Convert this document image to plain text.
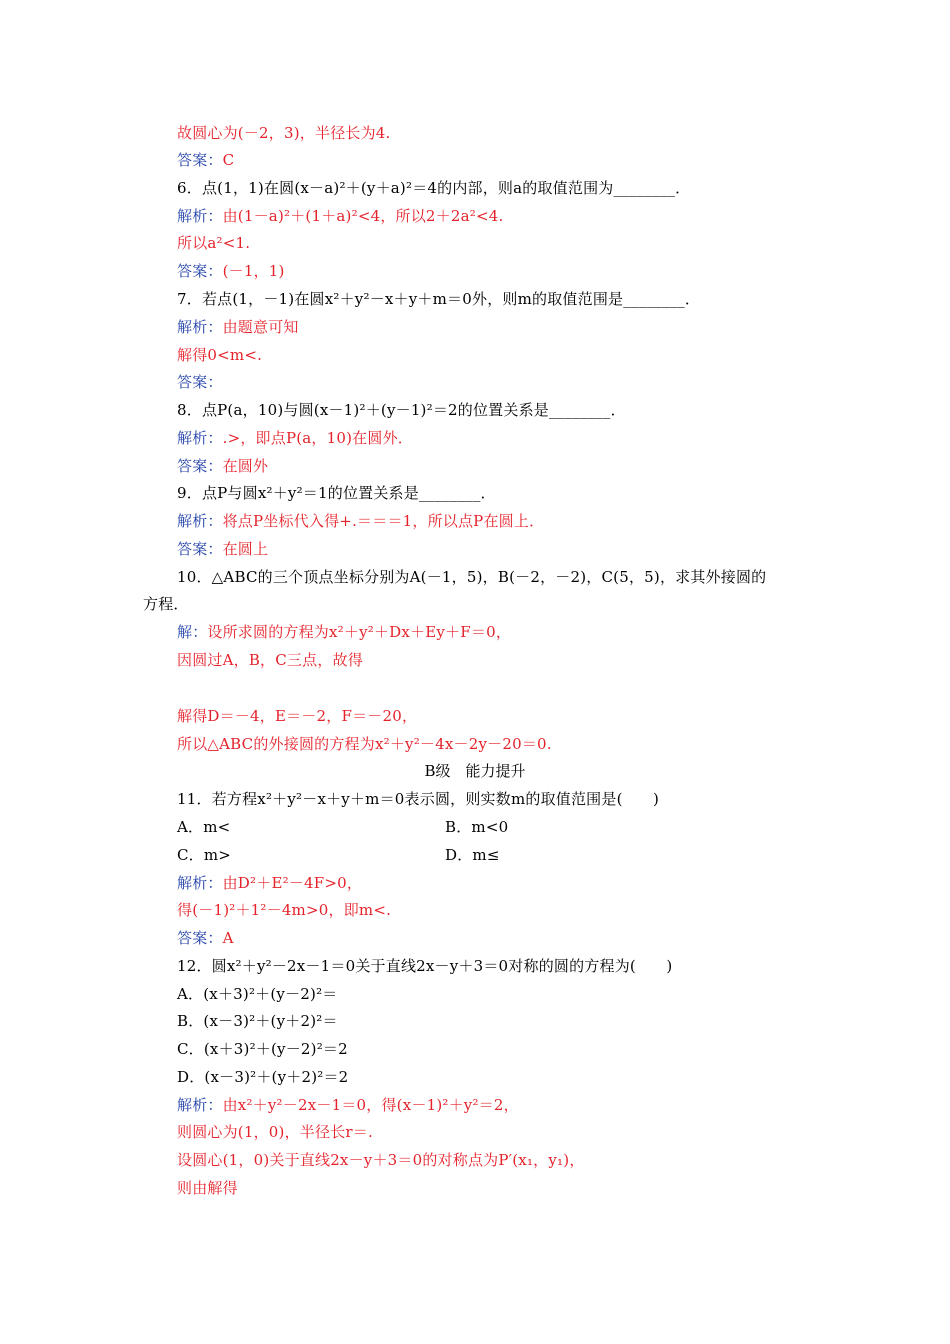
故圆心为(－2，3)，半径长为4.
答案：C
6．点(1，1)在圆(x－a)²＋(y＋a)²＝4的内部，则a的取值范围为________．
解析：由(1－a)²＋(1＋a)²<4，所以2＋2a²<4.
所以a²<1.
答案：(－1，1)
7．若点(1，－1)在圆x²＋y²－x＋y＋m＝0外，则m的取值范围是________．
解析：由题意可知
解得0<m<.
答案：
8．点P(a，10)与圆(x－1)²＋(y－1)²＝2的位置关系是________．
解析：.>，即点P(a，10)在圆外．
答案：在圆外
9．点P与圆x²＋y²＝1的位置关系是________．
解析：将点P坐标代入得+.＝＝＝1，所以点P在圆上．
答案：在圆上
10．△ABC的三个顶点坐标分别为A(－1，5)，B(－2，－2)，C(5，5)，求其外接圆的
方程．
解：设所求圆的方程为x²＋y²＋Dx＋Ey＋F＝0，
因圆过A，B，C三点，故得
解得D＝－4，E＝－2，F＝－20，
所以△ABC的外接圆的方程为x²＋y²－4x－2y－20＝0.
B级　能力提升
11．若方程x²＋y²－x＋y＋m＝0表示圆，则实数m的取值范围是(　　)
A．m<	B．m<0
C．m>	D．m≤
解析：由D²＋E²－4F>0，
得(－1)²＋1²－4m>0，即m<.
答案：A
12．圆x²＋y²－2x－1＝0关于直线2x－y＋3＝0对称的圆的方程为(　　)
A．(x＋3)²＋(y－2)²＝
B．(x－3)²＋(y＋2)²＝
C．(x＋3)²＋(y－2)²＝2
D．(x－3)²＋(y＋2)²＝2
解析：由x²＋y²－2x－1＝0，得(x－1)²＋y²＝2，
则圆心为(1，0)，半径长r＝.
设圆心(1，0)关于直线2x－y＋3＝0的对称点为P′(x₁，y₁)，
则由解得
